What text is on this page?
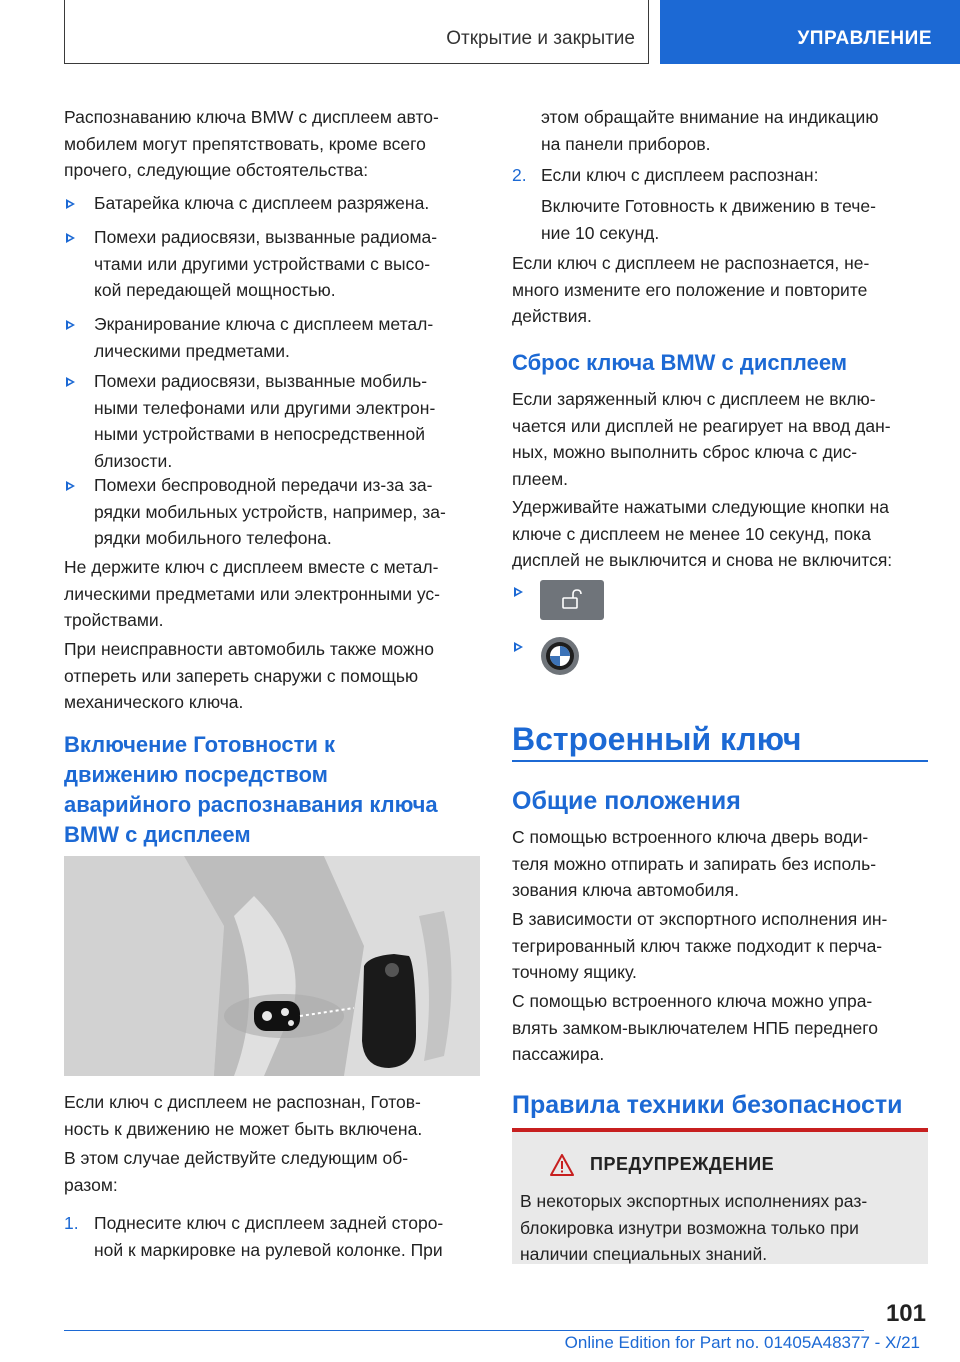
Открытие и закрытие	УПРАВЛЕНИЕ
Распознаванию ключа BMW с дисплеем авто-
мобилем могут препятствовать, кроме всего
прочего, следующие обстоятельства:
Батарейка ключа с дисплеем разряжена.
Помехи радиосвязи, вызванные радиома-
чтами или другими устройствами с высо-
кой передающей мощностью.
Экранирование ключа с дисплеем метал-
лическими предметами.
Помехи радиосвязи, вызванные мобиль-
ными телефонами или другими электрон-
ными устройствами в непосредственной
близости.
Помехи беспроводной передачи из-за за-
рядки мобильных устройств, например, за-
рядки мобильного телефона.
Не держите ключ с дисплеем вместе с метал-
лическими предметами или электронными ус-
тройствами.
При неисправности автомобиль также можно
отпереть или запереть снаружи с помощью
механического ключа.
Включение Готовности к
движению посредством
аварийного распознавания ключа
BMW с дисплеем
Если ключ с дисплеем не распознан, Готов-
ность к движению не может быть включена.
В этом случае действуйте следующим об-
разом:
1. Поднесите ключ с дисплеем задней сторо-
ной к маркировке на рулевой колонке. При
этом обращайте внимание на индикацию
на панели приборов.
2. Если ключ с дисплеем распознан:
Включите Готовность к движению в тече-
ние 10 секунд.
Если ключ с дисплеем не распознается, не-
много измените его положение и повторите
действия.
Сброс ключа BMW с дисплеем
Если заряженный ключ с дисплеем не вклю-
чается или дисплей не реагирует на ввод дан-
ных, можно выполнить сброс ключа с дис-
плеем.
Удерживайте нажатыми следующие кнопки на
ключе с дисплеем не менее 10 секунд, пока
дисплей не выключится и снова не включится:
Встроенный ключ
Общие положения
С помощью встроенного ключа дверь води-
теля можно отпирать и запирать без исполь-
зования ключа автомобиля.
В зависимости от экспортного исполнения ин-
тегрированный ключ также подходит к перча-
точному ящику.
С помощью встроенного ключа можно упра-
влять замком-выключателем НПБ переднего
пассажира.
Правила техники безопасности
ПРЕДУПРЕЖДЕНИЕ
В некоторых экспортных исполнениях раз-
блокировка изнутри возможна только при
наличии специальных знаний.
101
Online Edition for Part no. 01405A48377 - X/21
